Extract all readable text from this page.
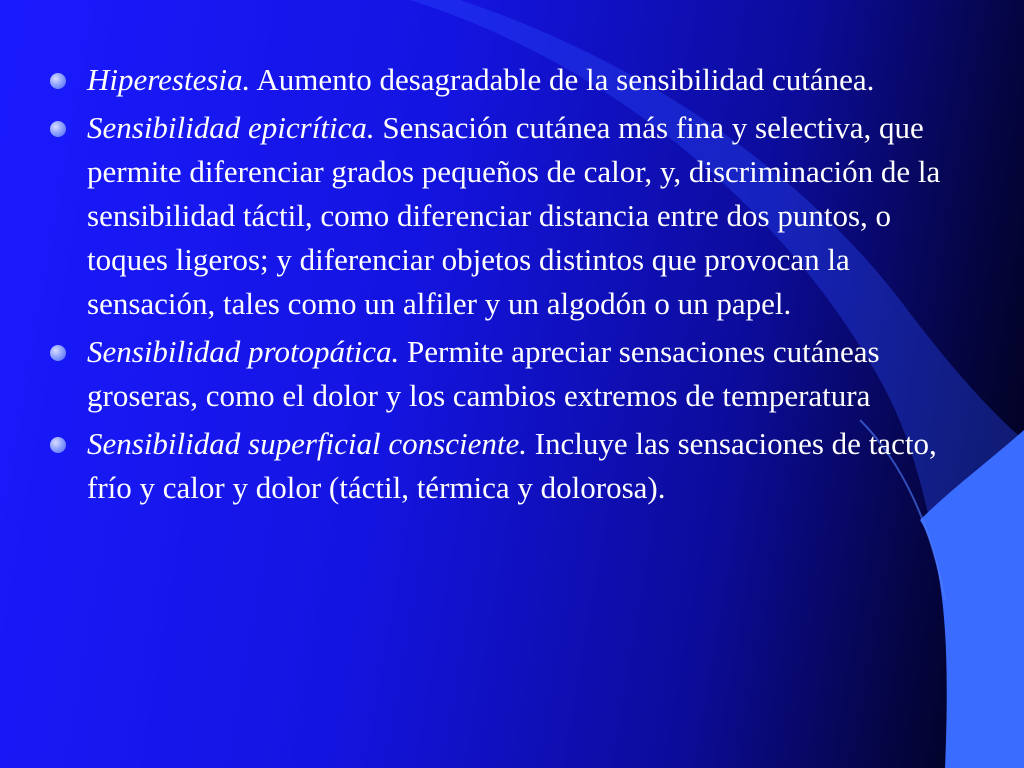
Hiperestesia. Aumento desagradable de la sensibilidad cutánea.
Sensibilidad epicrítica. Sensación cutánea más fina y selectiva, que permite diferenciar grados pequeños de calor, y, discriminación de la sensibilidad táctil, como diferenciar distancia entre dos puntos, o toques ligeros; y diferenciar objetos distintos que provocan la sensación, tales como un alfiler y un algodón o un papel.
Sensibilidad protopática. Permite apreciar sensaciones cutáneas groseras, como el dolor y los cambios extremos de temperatura
Sensibilidad superficial consciente. Incluye las sensaciones de tacto, frío y calor y dolor (táctil, térmica y dolorosa).
